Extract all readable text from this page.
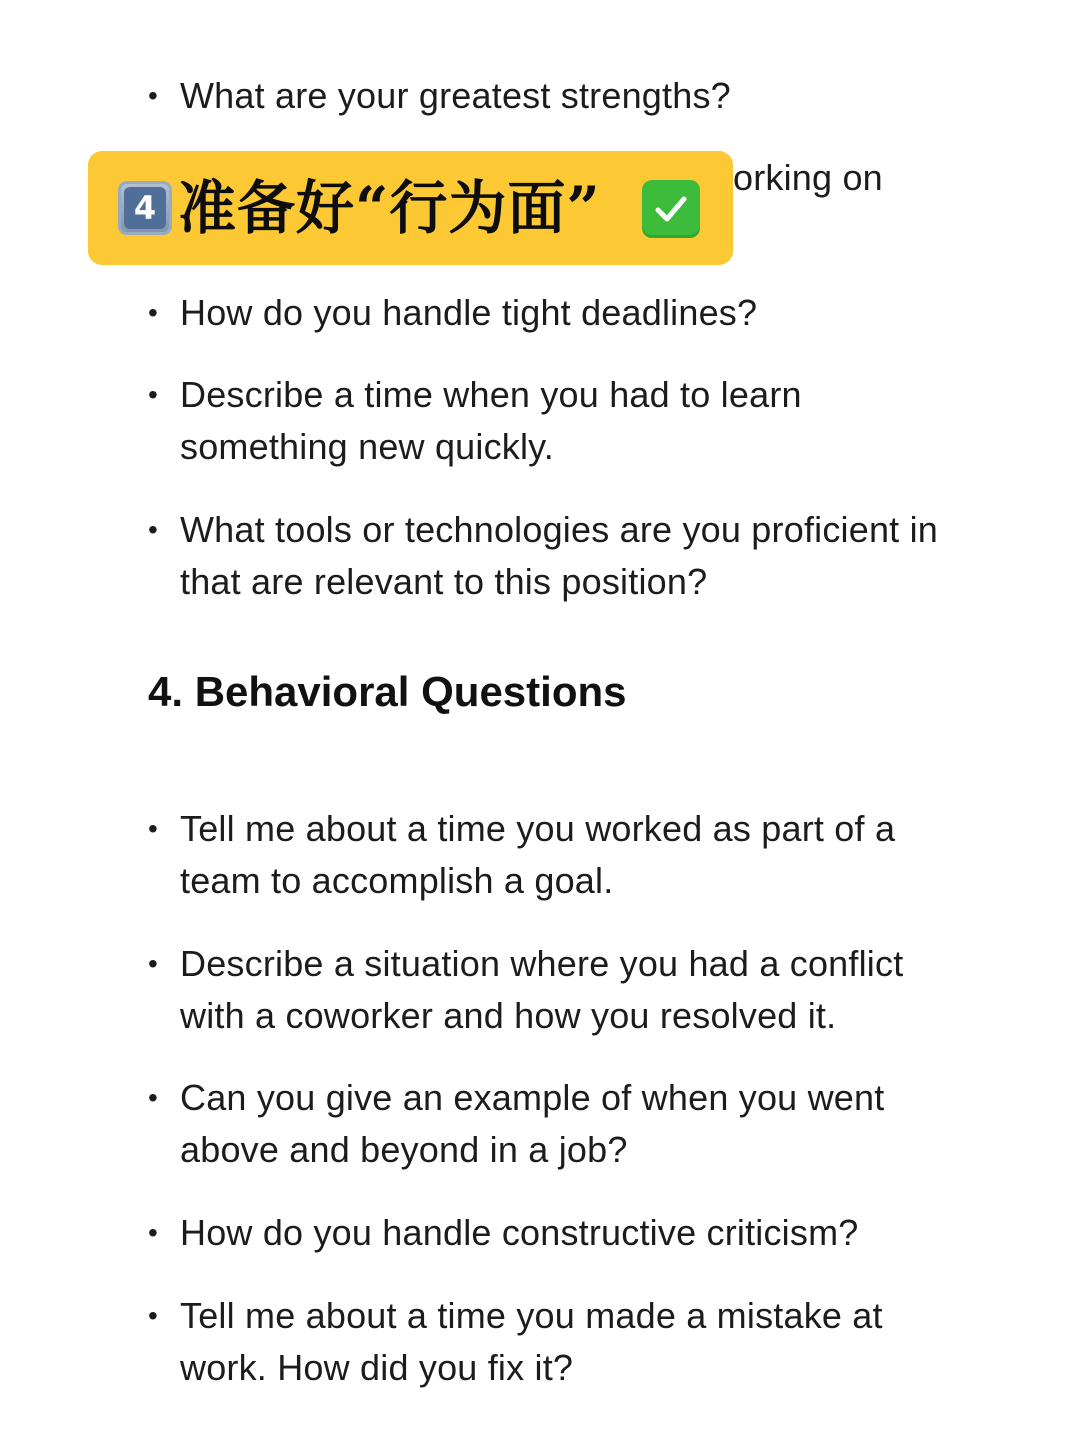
• What are your greatest strengths?
orking on
• How do you handle tight deadlines?
• Describe a time when you had to learn
something new quickly.
• What tools or technologies are you proficient in
that are relevant to this position?
4 准备好“行为面”
4. Behavioral Questions
• Tell me about a time you worked as part of a
team to accomplish a goal.
• Describe a situation where you had a conflict
with a coworker and how you resolved it.
• Can you give an example of when you went
above and beyond in a job?
• How do you handle constructive criticism?
• Tell me about a time you made a mistake at
work. How did you fix it?
